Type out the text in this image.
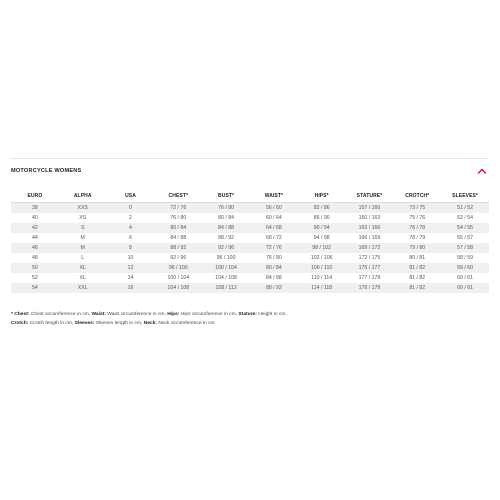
MOTORCYCLE WOMENS
EURO	ALPHA	USA	CHEST*	BUST*	WAIST*	HIPS*	STATURE*	CROTCH*	SLEEVES*
38	XXS	0	72 / 76	76 / 80	56 / 60	82 / 86	157 / 160	73 / 75	51 / 52
40	XS	2	76 / 80	80 / 84	60 / 64	86 / 90	160 / 163	75 / 76	52 / 54
42	S	4	80 / 84	84 / 88	64 / 68	90 / 94	163 / 166	76 / 78	54 / 55
44	M	6	84 / 88	88 / 92	68 / 72	94 / 98	166 / 169	78 / 79	55 / 57
46	M	8	88 / 92	92 / 96	72 / 76	98 / 102	169 / 172	79 / 80	57 / 58
48	L	10	92 / 96	96 / 100	76 / 80	102 / 106	172 / 175	80 / 81	58 / 59
50	XL	12	96 / 100	100 / 104	80 / 84	106 / 110	175 / 177	81 / 82	59 / 60
52	XL	14	100 / 104	104 / 108	84 / 88	110 / 114	177 / 178	81 / 82	60 / 61
54	XXL	16	104 / 108	108 / 112	88 / 92	114 / 118	178 / 179	81 / 82	60 / 61
* Chest: Chest circumference in cm, Waist: Waist circumference in cm, Hips: Hips circumference in cm, Stature: Height in cm,
Crotch: Crotch length in cm, Sleeves: Sleeves length in cm, Neck: Neck circumference in cm
